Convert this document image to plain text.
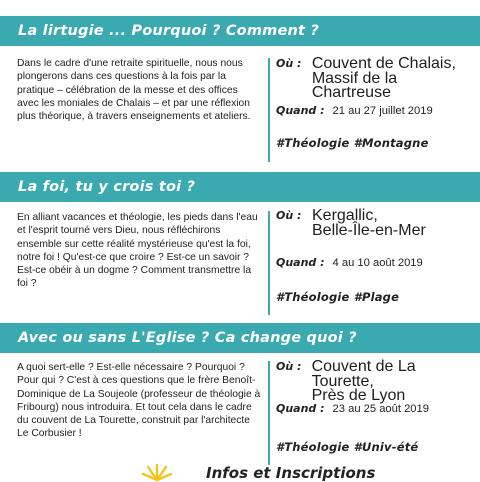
La lirtugie ... Pourquoi ? Comment ?
Dans le cadre d'une retraite spirituelle, nous nous plongerons dans ces questions à la fois par la pratique – célébration de la messe et des offices avec les moniales de Chalais – et par une réflexion plus théorique, à travers enseignements et ateliers.
Où : Couvent de Chalais,
Massif de la Chartreuse
Quand : 21 au 27 juillet 2019
#Théologie #Montagne
La foi, tu y crois toi ?
En alliant vacances et théologie, les pieds dans l'eau et l'esprit tourné vers Dieu, nous réfléchirons ensemble sur cette réalité mystérieuse qu'est la foi, notre foi ! Qu'est-ce que croire ? Est-ce un savoir ? Est-ce obéir à un dogme ? Comment transmettre la foi ?
Où : Kergallic,
Belle-Île-en-Mer
Quand : 4 au 10 août 2019
#Théologie #Plage
Avec ou sans L'Eglise ? Ca change quoi ?
A quoi sert-elle ? Est-elle nécessaire ? Pourquoi ? Pour qui ? C'est à ces questions que le frère Benoît-Dominique de La Soujeole (professeur de théologie à Fribourg) nous introduira. Et tout cela dans le cadre du couvent de La Tourette, construit par l'architecte Le Corbusier !
Où : Couvent de La Tourette,
Près de Lyon
Quand : 23 au 25 août 2019
#Théologie #Univ-été
Infos et Inscriptions
